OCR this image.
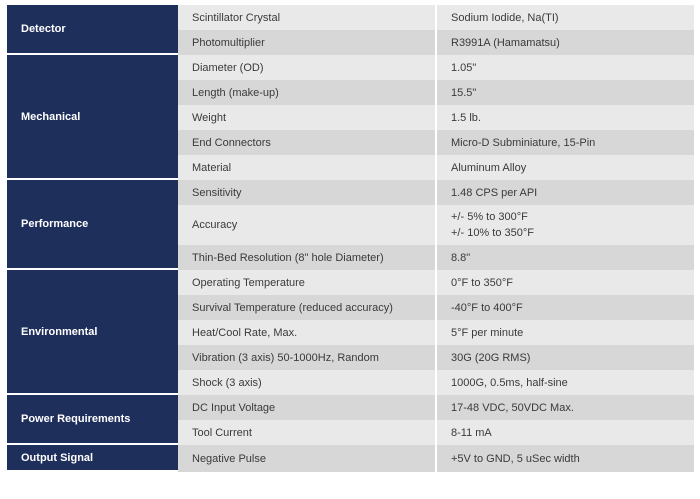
Detector	Scintillator Crystal	Sodium Iodide, Na(TI)

	Photomultiplier	R3991A (Hamamatsu)

Mechanical	Diameter (OD)	1.05"

	Length (make-up)	15.5"

	Weight	1.5 lb.

	End Connectors	Micro-D Subminiature, 15-Pin

	Material	Aluminum Alloy

Performance	Sensitivity	1.48 CPS per API

	Accuracy	+/- 5% to 300°F
+/- 10% to 350°F

	Thin-Bed Resolution (8" hole Diameter)	8.8"

Environmental	Operating Temperature	0°F to 350°F

	Survival Temperature (reduced accuracy)	-40°F to 400°F

	Heat/Cool Rate, Max.	5°F per minute

	Vibration (3 axis) 50-1000Hz, Random	30G (20G RMS)

	Shock (3 axis)	1000G, 0.5ms, half-sine

Power Requirements	DC Input Voltage	17-48 VDC, 50VDC Max.

	Tool Current	8-11 mA

Output Signal	Negative Pulse	+5V to GND, 5 uSec width
